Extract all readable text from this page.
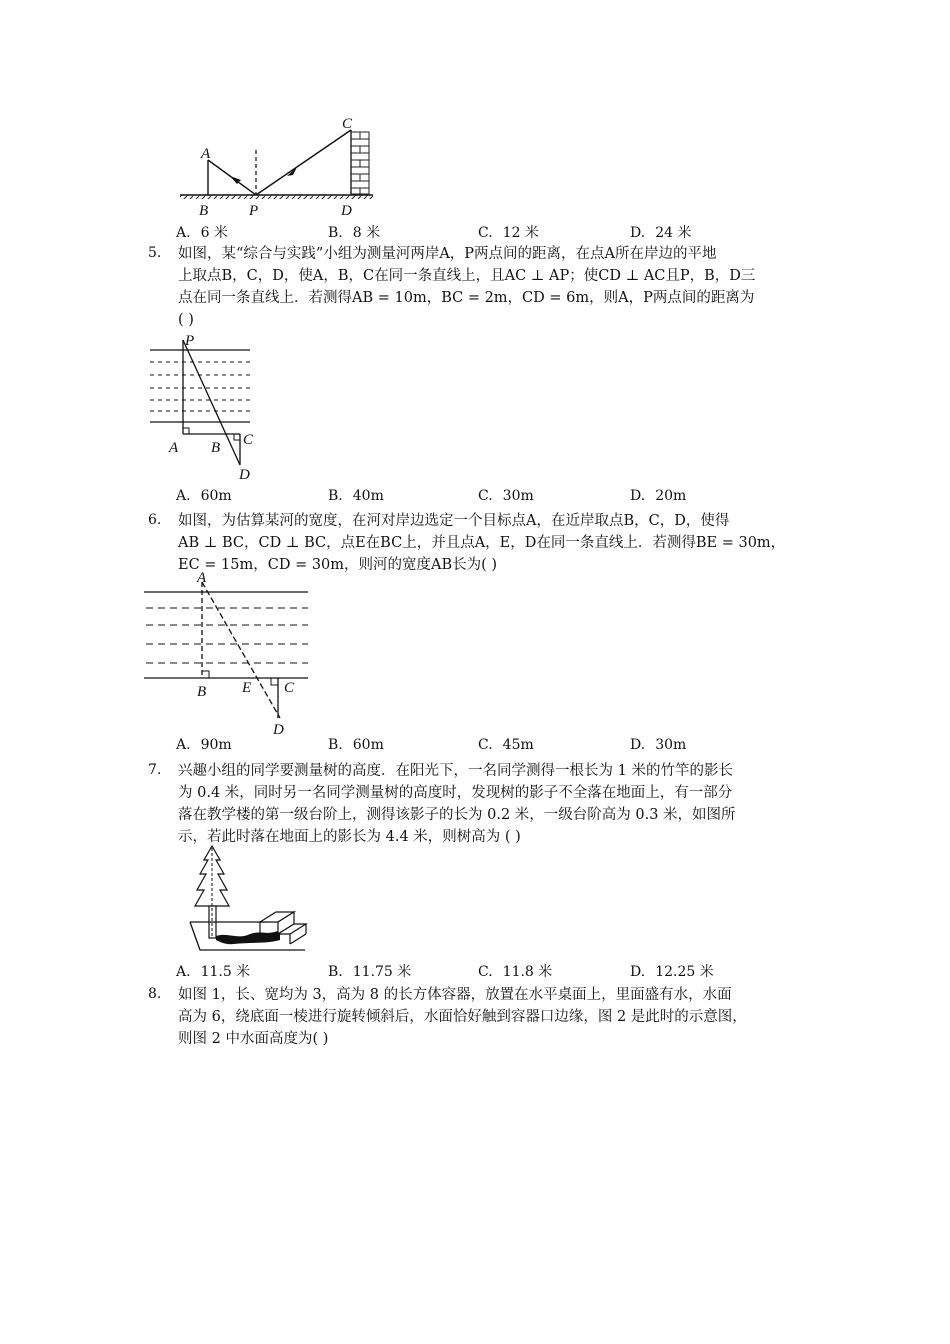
C
A
B	P	D
A. 6 米	B. 8 米	C. 12 米	D. 24 米
5. 如图，某“综合与实践”小组为测量河两岸A，P两点间的距离，在点A所在岸边的平地
上取点B，C，D，使A，B，C在同一条直线上，且AC ⊥ AP；使CD ⊥ AC且P，B，D三
点在同一条直线上．若测得AB = 10m，BC = 2m，CD = 6m，则A，P两点间的距离为
( )
P
A B C
D
A. 60m	B. 40m	C. 30m	D. 20m
6. 如图，为估算某河的宽度，在河对岸边选定一个目标点A，在近岸取点B，C，D，使得
AB ⊥ BC，CD ⊥ BC，点E在BC上，并且点A，E，D在同一条直线上．若测得BE = 30m，
EC = 15m，CD = 30m，则河的宽度AB长为( )
A
B E C
D
A. 90m	B. 60m	C. 45m	D. 30m
7. 兴趣小组的同学要测量树的高度．在阳光下，一名同学测得一根长为 1 米的竹竿的影长
为 0.4 米，同时另一名同学测量树的高度时，发现树的影子不全落在地面上，有一部分
落在教学楼的第一级台阶上，测得该影子的长为 0.2 米，一级台阶高为 0.3 米，如图所
示，若此时落在地面上的影长为 4.4 米，则树高为 ( )
A. 11.5 米	B. 11.75 米	C. 11.8 米	D. 12.25 米
8. 如图 1，长、宽均为 3，高为 8 的长方体容器，放置在水平桌面上，里面盛有水，水面
高为 6，绕底面一棱进行旋转倾斜后，水面恰好触到容器口边缘，图 2 是此时的示意图，
则图 2 中水面高度为( )
